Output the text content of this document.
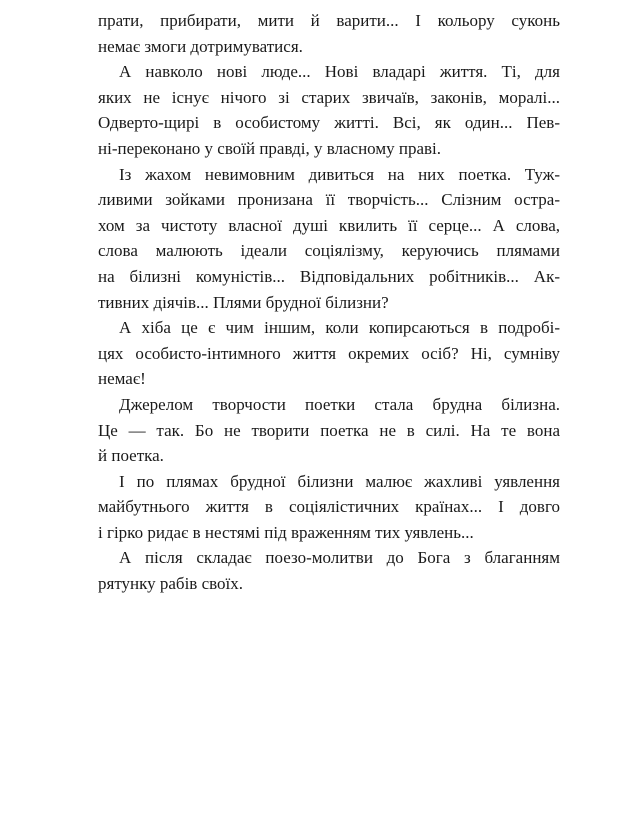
прати, прибирати, мити й варити... І кольору суконь
немає змоги дотримуватися.
А навколо нові люде... Нові владарі життя. Ті, для
яких не існує нічого зі старих звичаїв, законів, моралі...
Одверто-щирі в особистому житті. Всі, як один... Пев-
ні-переконано у своїй правді, у власному праві.
Із жахом невимовним дивиться на них поетка. Туж-
ливими зойками пронизана її творчість... Слізним остра-
хом за чистоту власної душі квилить її серце... А слова,
слова малюють ідеали соціялізму, керуючись плямами
на білизні комуністів... Відповідальних робітників... Ак-
тивних діячів... Плями брудної білизни?
А хіба це є чим іншим, коли копирсаються в подробі-
цях особисто-інтимного життя окремих осіб? Ні, сумніву
немає!
Джерелом творчости поетки стала брудна білизна.
Це — так. Бо не творити поетка не в силі. На те вона
й поетка.
І по плямах брудної білизни малює жахливі уявлення
майбутнього життя в соціялістичних країнах... І довго
і гірко ридає в нестямі під враженням тих уявлень...
А після складає поезо-молитви до Бога з благанням
рятунку рабів своїх.
